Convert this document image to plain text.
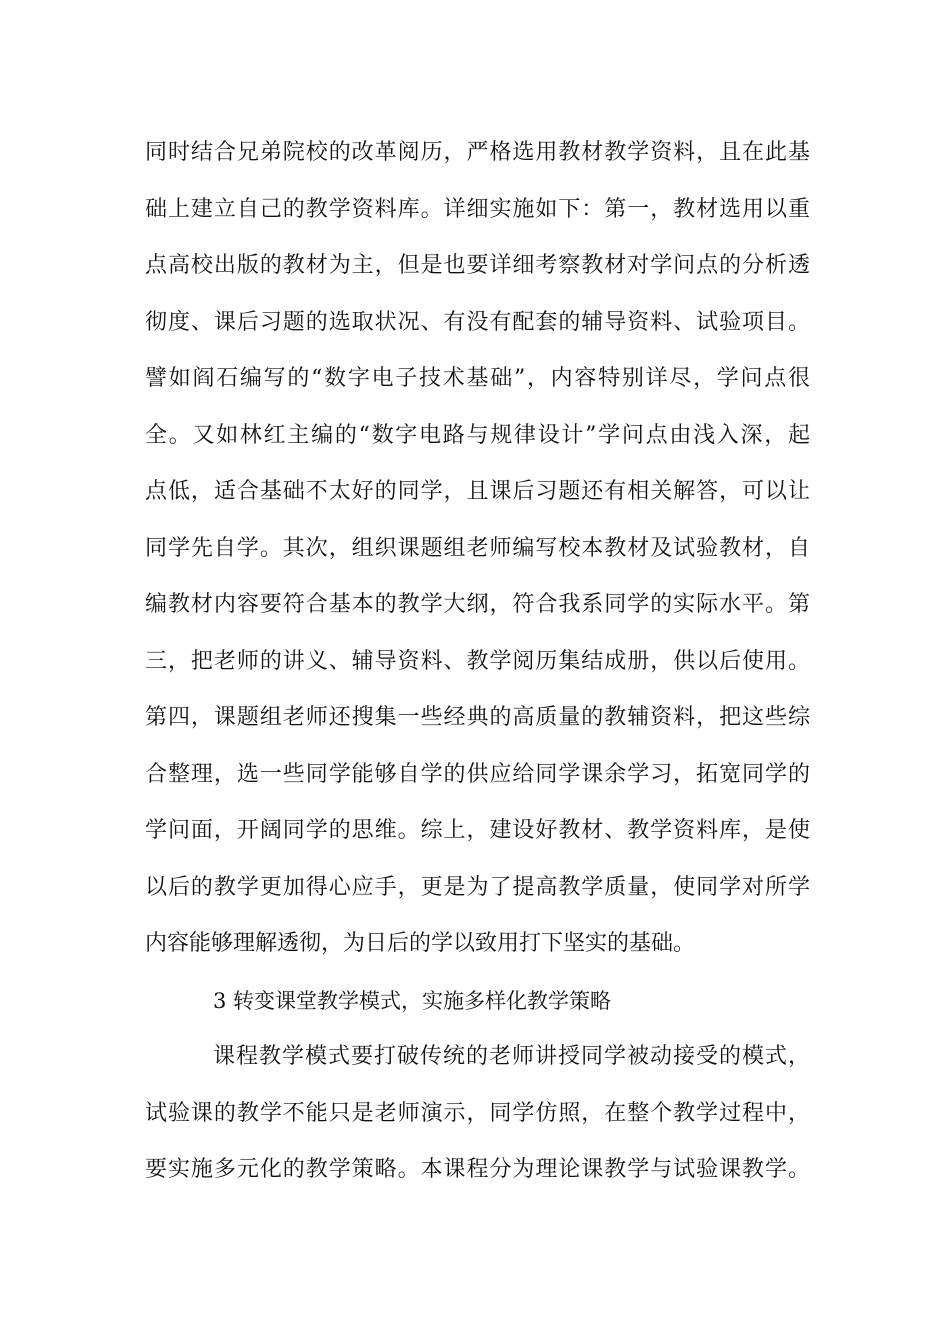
同时结合兄弟院校的改革阅历，严格选用教材教学资料，且在此基
础上建立自己的教学资料库。详细实施如下：第一，教材选用以重
点高校出版的教材为主，但是也要详细考察教材对学问点的分析透
彻度、课后习题的选取状况、有没有配套的辅导资料、试验项目。
譬如阎石编写的“数字电子技术基础”，内容特别详尽，学问点很
全。又如林红主编的“数字电路与规律设计”学问点由浅入深，起
点低，适合基础不太好的同学，且课后习题还有相关解答，可以让
同学先自学。其次，组织课题组老师编写校本教材及试验教材，自
编教材内容要符合基本的教学大纲，符合我系同学的实际水平。第
三，把老师的讲义、辅导资料、教学阅历集结成册，供以后使用。
第四，课题组老师还搜集一些经典的高质量的教辅资料，把这些综
合整理，选一些同学能够自学的供应给同学课余学习，拓宽同学的
学问面，开阔同学的思维。综上，建设好教材、教学资料库，是使
以后的教学更加得心应手，更是为了提高教学质量，使同学对所学
内容能够理解透彻，为日后的学以致用打下坚实的基础。
3 转变课堂教学模式，实施多样化教学策略
课程教学模式要打破传统的老师讲授同学被动接受的模式，
试验课的教学不能只是老师演示，同学仿照，在整个教学过程中，
要实施多元化的教学策略。本课程分为理论课教学与试验课教学。
